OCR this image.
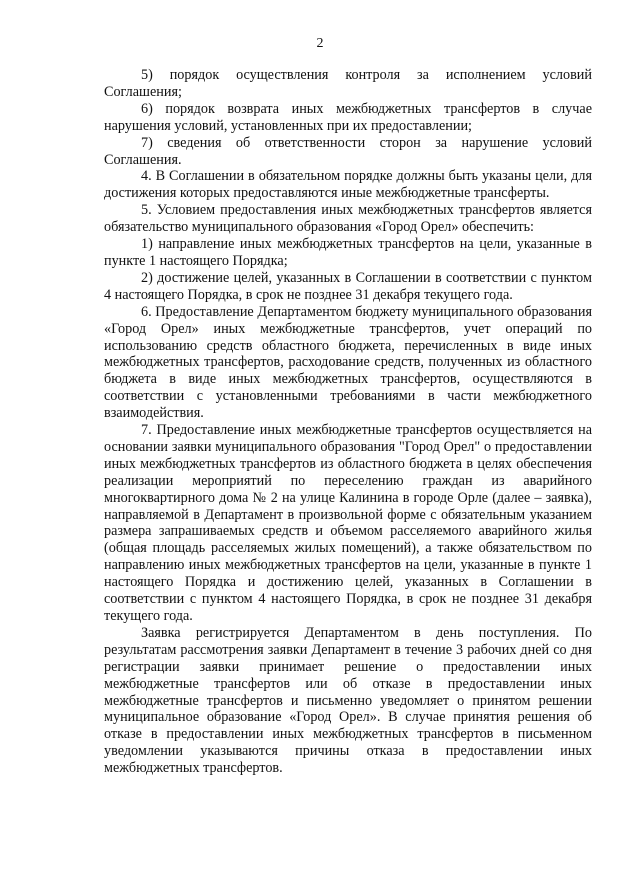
2

5) порядок осуществления контроля за исполнением условий Соглашения;

6) порядок возврата иных межбюджетных трансфертов в случае нарушения условий, установленных при их предоставлении;

7) сведения об ответственности сторон за нарушение условий Соглашения.

4. В Соглашении в обязательном порядке должны быть указаны цели, для достижения которых предоставляются иные межбюджетные трансферты.

5. Условием предоставления иных межбюджетных трансфертов является обязательство муниципального образования «Город Орел» обеспечить:

1) направление иных межбюджетных трансфертов на цели, указанные в пункте 1 настоящего Порядка;

2) достижение целей, указанных в Соглашении в соответствии с пунктом 4 настоящего Порядка, в срок не позднее 31 декабря текущего года.

6. Предоставление Департаментом бюджету муниципального образования «Город Орел» иных межбюджетные трансфертов, учет операций по использованию средств областного бюджета, перечисленных в виде иных межбюджетных трансфертов, расходование средств, полученных из областного бюджета в виде иных межбюджетных трансфертов, осуществляются в соответствии с установленными требованиями в части межбюджетного взаимодействия.

7. Предоставление иных межбюджетные трансфертов осуществляется на основании заявки муниципального образования "Город Орел" о предоставлении иных межбюджетных трансфертов из областного бюджета в целях обеспечения реализации мероприятий по переселению граждан из аварийного многоквартирного дома № 2 на улице Калинина в городе Орле (далее – заявка), направляемой в Департамент в произвольной форме с обязательным указанием размера запрашиваемых средств и объемом расселяемого аварийного жилья (общая площадь расселяемых жилых помещений), а также обязательством по направлению иных межбюджетных трансфертов на цели, указанные в пункте 1 настоящего Порядка и достижению целей, указанных в Соглашении в соответствии с пунктом 4 настоящего Порядка, в срок не позднее 31 декабря текущего года.

Заявка регистрируется Департаментом в день поступления. По результатам рассмотрения заявки Департамент в течение 3 рабочих дней со дня регистрации заявки принимает решение о предоставлении иных межбюджетные трансфертов или об отказе в предоставлении иных межбюджетные трансфертов и письменно уведомляет о принятом решении муниципальное образование «Город Орел». В случае принятия решения об отказе в предоставлении иных межбюджетных трансфертов в письменном уведомлении указываются причины отказа в предоставлении иных межбюджетных трансфертов.
